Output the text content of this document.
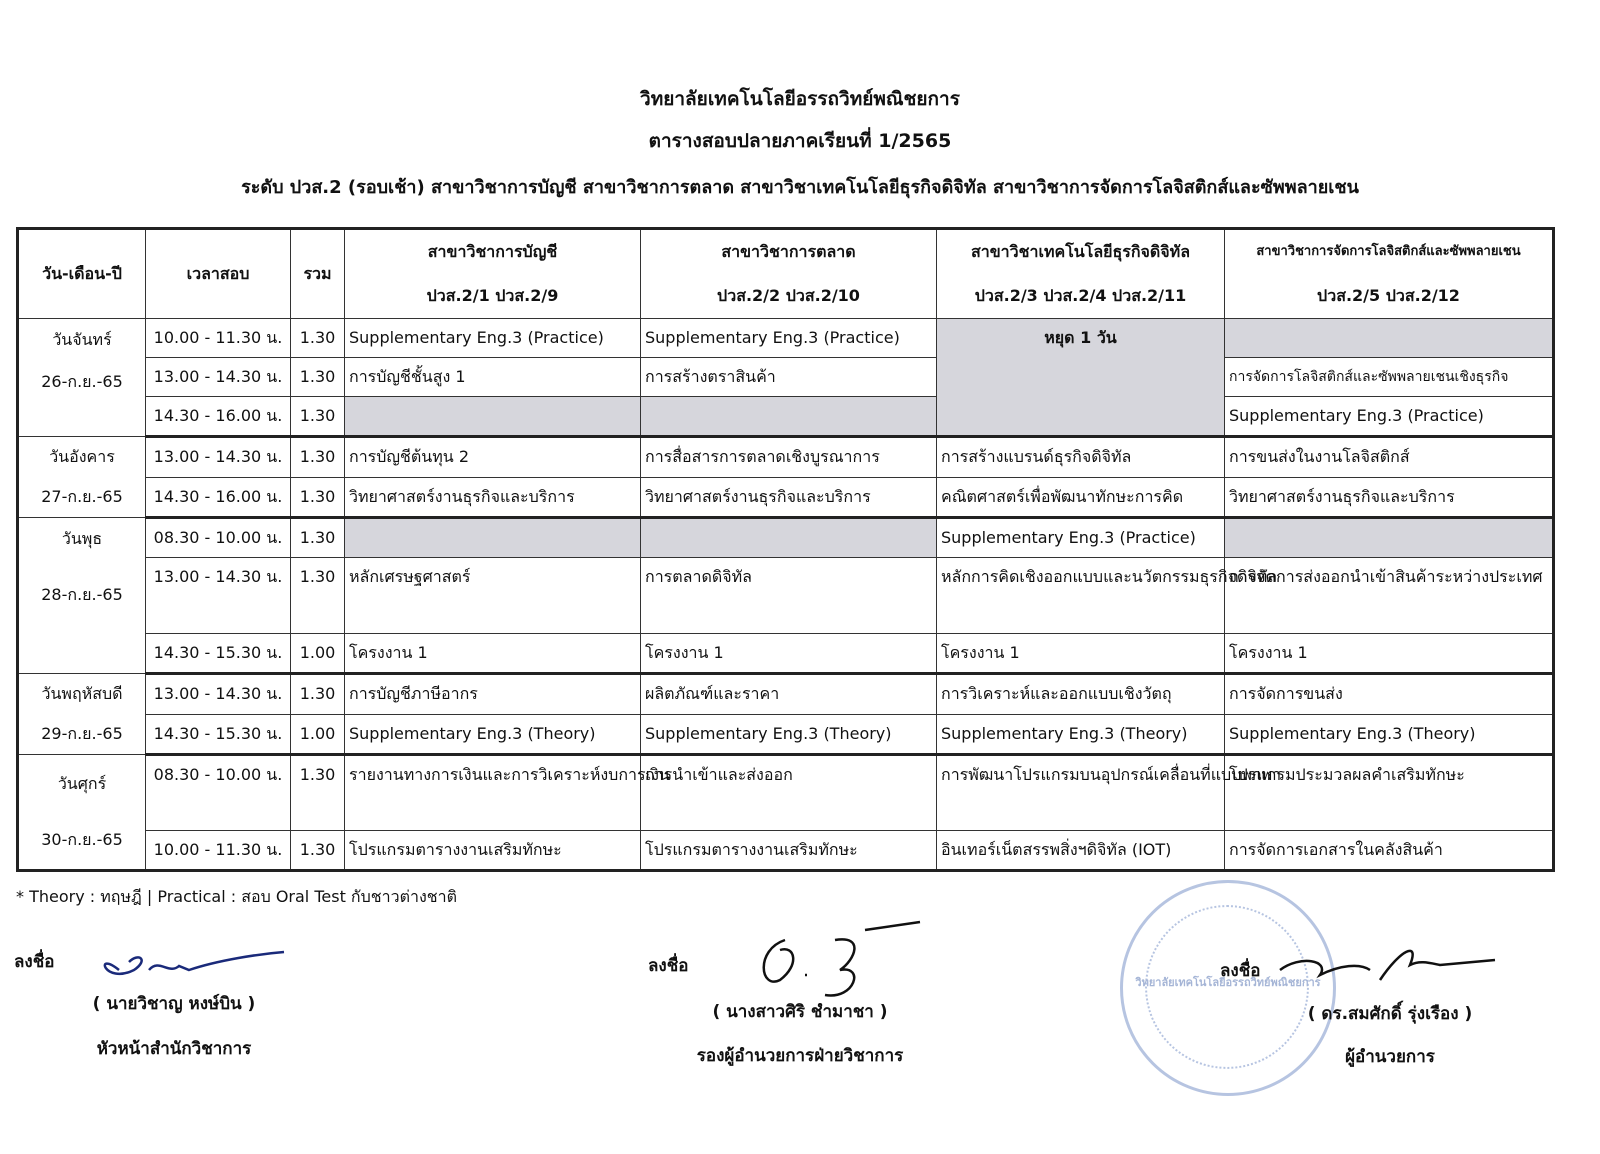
วิทยาลัยเทคโนโลยีอรรถวิทย์พณิชยการ
ตารางสอบปลายภาคเรียนที่ 1/2565
ระดับ ปวส.2 (รอบเช้า) สาขาวิชาการบัญชี สาขาวิชาการตลาด สาขาวิชาเทคโนโลยีธุรกิจดิจิทัล สาขาวิชาการจัดการโลจิสติกส์และซัพพลายเชน
วัน-เดือน-ปี	เวลาสอบ	รวม	สาขาวิชาการบัญชี	สาขาวิชาการตลาด	สาขาวิชาเทคโนโลยีธุรกิจดิจิทัล	สาขาวิชาการจัดการโลจิสติกส์และซัพพลายเชน
			ปวส.2/1 ปวส.2/9	ปวส.2/2 ปวส.2/10	ปวส.2/3 ปวส.2/4 ปวส.2/11	ปวส.2/5 ปวส.2/12

วันจันทร์
26-ก.ย.-65	10.00 - 11.30 น.	1.30	Supplementary Eng.3 (Practice)	Supplementary Eng.3 (Practice)	หยุด 1 วัน	
	13.00 - 14.30 น.	1.30	การบัญชีชั้นสูง 1	การสร้างตราสินค้า		การจัดการโลจิสติกส์และซัพพลายเชนเชิงธุรกิจ
	14.30 - 16.00 น.	1.30				Supplementary Eng.3 (Practice)

วันอังคาร
27-ก.ย.-65	13.00 - 14.30 น.	1.30	การบัญชีต้นทุน 2	การสื่อสารการตลาดเชิงบูรณาการ	การสร้างแบรนด์ธุรกิจดิจิทัล	การขนส่งในงานโลจิสติกส์
	14.30 - 16.00 น.	1.30	วิทยาศาสตร์งานธุรกิจและบริการ	วิทยาศาสตร์งานธุรกิจและบริการ	คณิตศาสตร์เพื่อพัฒนาทักษะการคิด	วิทยาศาสตร์งานธุรกิจและบริการ

วันพุธ
28-ก.ย.-65	08.30 - 10.00 น.	1.30			Supplementary Eng.3 (Practice)	
	13.00 - 14.30 น.	1.30	หลักเศรษฐศาสตร์	การตลาดดิจิทัล	หลักการคิดเชิงออกแบบและนวัตกรรมธุรกิจดิจิทัล	การจัดการส่งออกนำเข้าสินค้าระหว่างประเทศ
	14.30 - 15.30 น.	1.00	โครงงาน 1	โครงงาน 1	โครงงาน 1	โครงงาน 1

วันพฤหัสบดี
29-ก.ย.-65	13.00 - 14.30 น.	1.30	การบัญชีภาษีอากร	ผลิตภัณฑ์และราคา	การวิเคราะห์และออกแบบเชิงวัตถุ	การจัดการขนส่ง
	14.30 - 15.30 น.	1.00	Supplementary Eng.3 (Theory)	Supplementary Eng.3 (Theory)	Supplementary Eng.3 (Theory)	Supplementary Eng.3 (Theory)

วันศุกร์
30-ก.ย.-65	08.30 - 10.00 น.	1.30	รายงานทางการเงินและการวิเคราะห์งบการเงิน	การนำเข้าและส่งออก	การพัฒนาโปรแกรมบนอุปกรณ์เคลื่อนที่แบบพกพา	โปรแกรมประมวลผลคำเสริมทักษะ
	10.00 - 11.30 น.	1.30	โปรแกรมตารางงานเสริมทักษะ	โปรแกรมตารางงานเสริมทักษะ	อินเทอร์เน็ตสรรพสิ่งฯดิจิทัล (IOT)	การจัดการเอกสารในคลังสินค้า
* Theory : ทฤษฎี | Practical : สอบ Oral Test กับชาวต่างชาติ
วิทยาลัยเทคโนโลยีอรรถวิทย์พณิชยการ
ลงชื่อ
( นายวิชาญ หงษ์บิน )
หัวหน้าสำนักวิชาการ
ลงชื่อ
( นางสาวศิริ ชำมาชา )
รองผู้อำนวยการฝ่ายวิชาการ
ลงชื่อ
( ดร.สมศักดิ์ รุ่งเรือง )
ผู้อำนวยการ
